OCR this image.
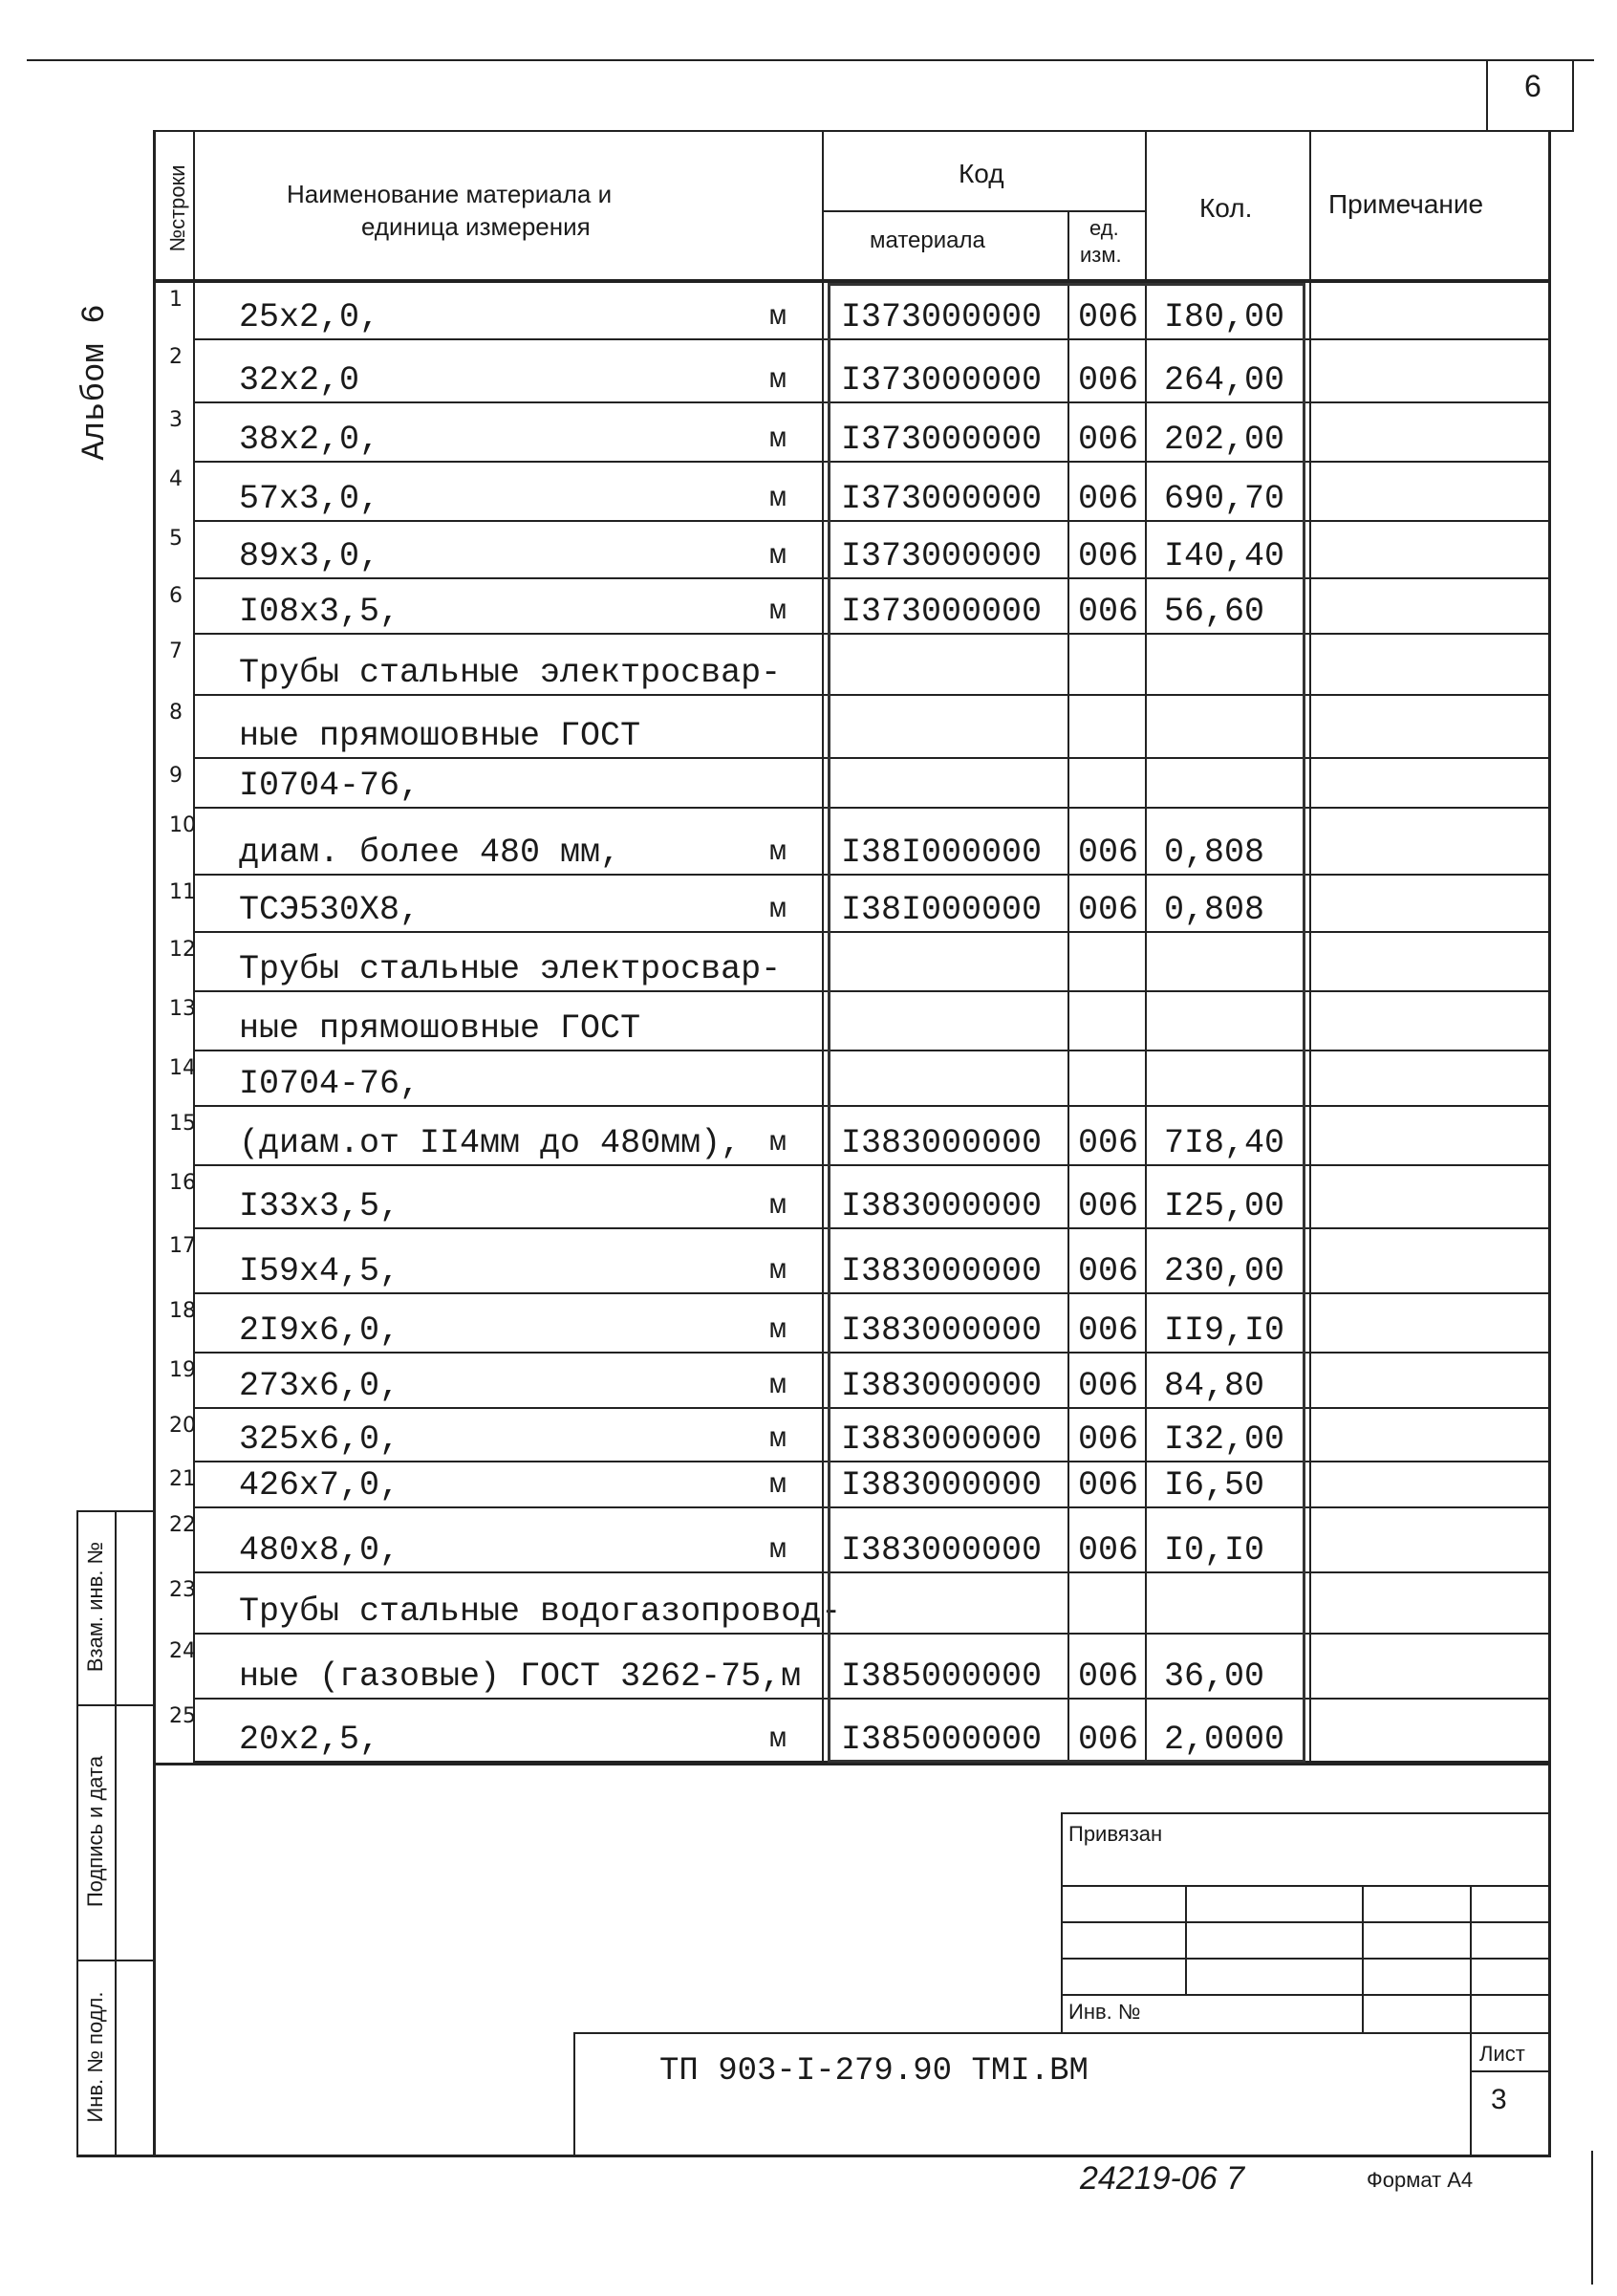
6
Альбом 6
№строки	Наименование материала и
единица измерения
Код
материала	ед.
изм.
Кол.	Примечание
1 25х2,0,	м I373000000 006 I80,00
2
32х2,0	м I373000000 006 264,00
3
38х2,0,	м I373000000 006 202,00
4
57х3,0,	м I373000000 006 690,70
5 89х3,0,	м I373000000 006 I40,40
6 I08х3,5,	м I373000000 006 56,60
7
Трубы стальные электросвар-
8
ные прямошовные ГОСТ
9 I0704-76,
10
диам. более 480 мм,	м I38I000000 006 0,808
11 ТСЭ530Х8,	м I38I000000 006 0,808
12
Трубы стальные электросвар-
13
ные прямошовные ГОСТ
14 I0704-76,
15
(диам.от II4мм до 480мм), м I383000000 006 7I8,40
16
I33х3,5,	м I383000000 006 I25,00
17
I59х4,5,	м I383000000 006 230,00
18
2I9х6,0,	м I383000000 006 II9,I0
19 273х6,0,	м I383000000 006 84,80
20 325х6,0,	м I383000000 006 I32,00
21 426х7,0,	м I383000000 006 I6,50
22
480х8,0,	м I383000000 006 I0,I0
23
Трубы стальные водогазопровод-
24
ные (газовые) ГОСТ 3262-75,м I385000000 006 36,00
25
20х2,5,	м I385000000 006 2,0000
Взам. инв. №
Подпись и дата
Инв. № подл.
Привязан
Инв. №
ТП 903-I-279.90 ТМI.ВМ	Лист
3
24219-06 7	Формат А4
